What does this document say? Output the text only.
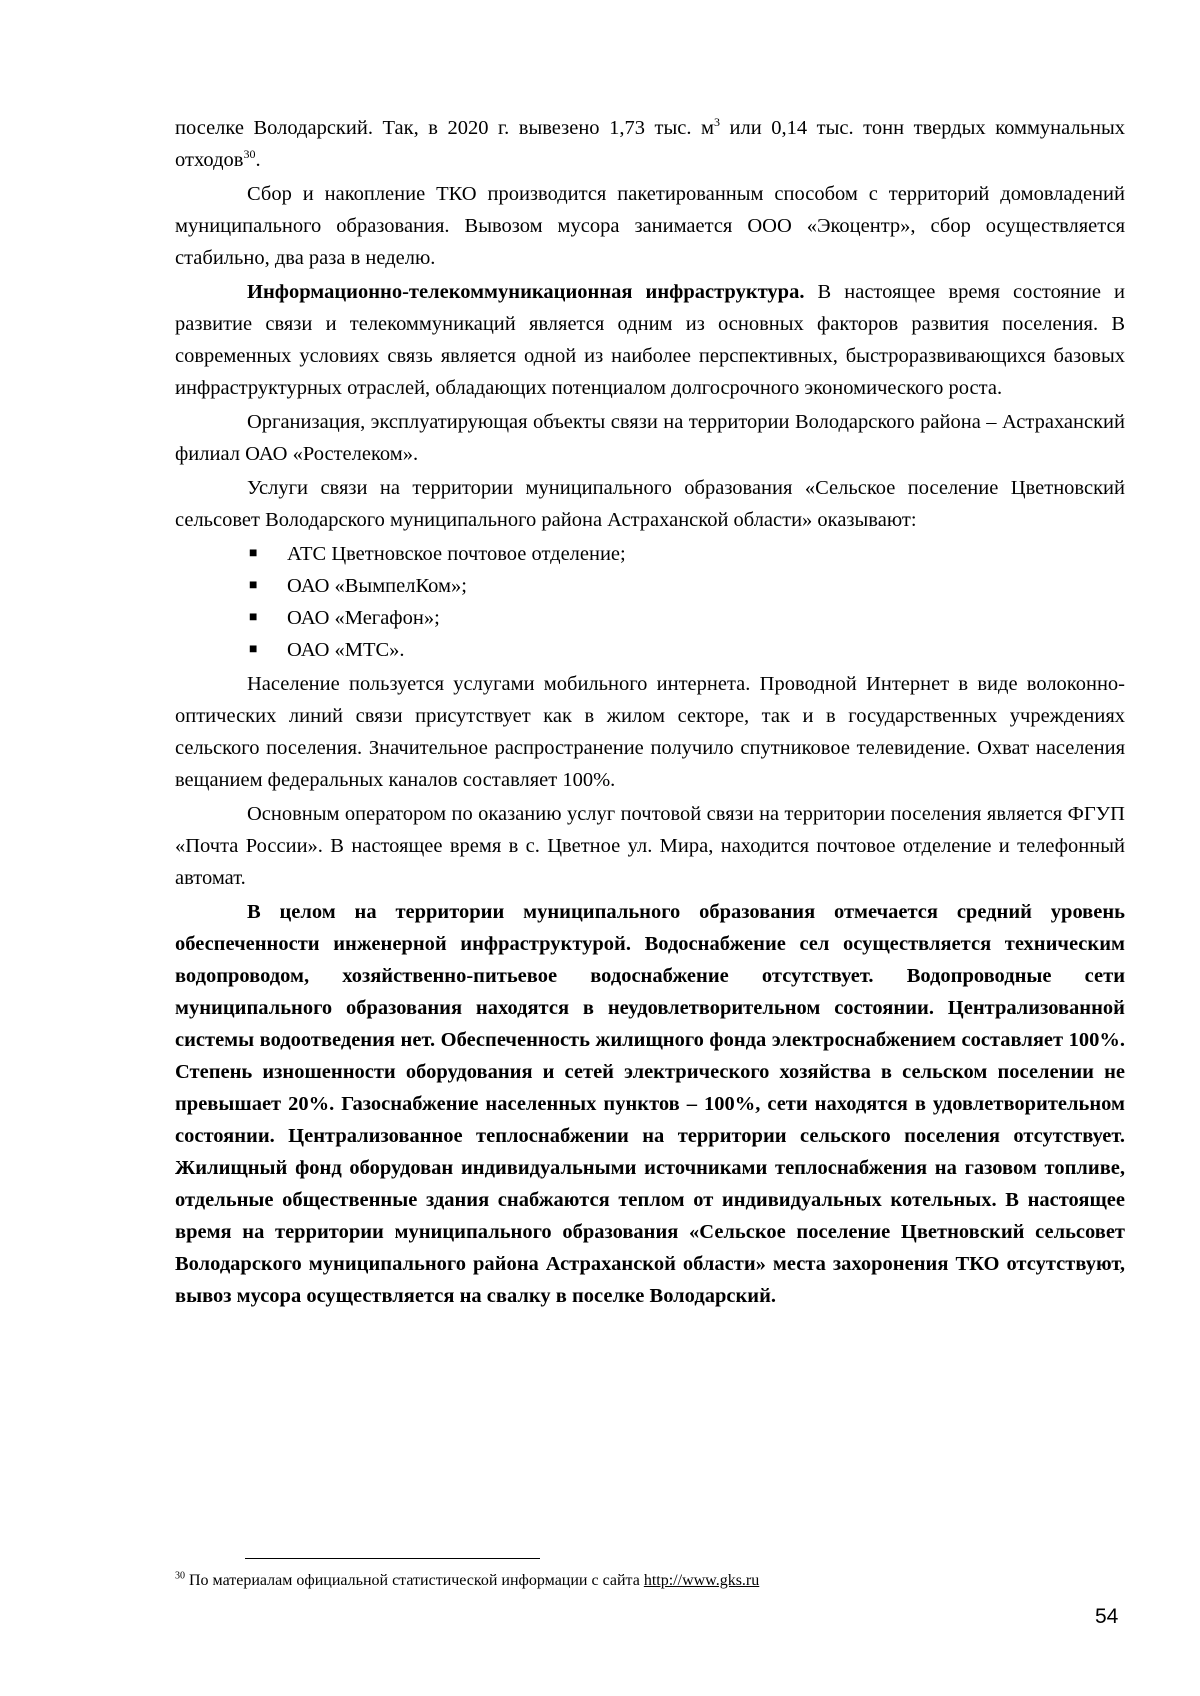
поселке Володарский. Так, в 2020 г. вывезено 1,73 тыс. $м^3$ или 0,14 тыс. тонн твердых коммунальных отходов$^{30}$.

Сбор и накопление ТКО производится пакетированным способом с территорий домовладений муниципального образования. Вывозом мусора занимается ООО «Экоцентр», сбор осуществляется стабильно, два раза в неделю.

Информационно-телекоммуникационная инфраструктура. В настоящее время состояние и развитие связи и телекоммуникаций является одним из основных факторов развития поселения. В современных условиях связь является одной из наиболее перспективных, быстроразвивающихся базовых инфраструктурных отраслей, обладающих потенциалом долгосрочного экономического роста.

Организация, эксплуатирующая объекты связи на территории Володарского района – Астраханский филиал ОАО «Ростелеком».

Услуги связи на территории муниципального образования «Сельское поселение Цветновский сельсовет Володарского муниципального района Астраханской области» оказывают:

■ АТС Цветновское почтовое отделение;
■ ОАО «ВымпелКом»;
■ ОАО «Мегафон»;
■ ОАО «МТС».

Население пользуется услугами мобильного интернета. Проводной Интернет в виде волоконно-оптических линий связи присутствует как в жилом секторе, так и в государственных учреждениях сельского поселения. Значительное распространение получило спутниковое телевидение. Охват населения вещанием федеральных каналов составляет 100%.

Основным оператором по оказанию услуг почтовой связи на территории поселения является ФГУП «Почта России». В настоящее время в с. Цветное ул. Мира, находится почтовое отделение и телефонный автомат.

В целом на территории муниципального образования отмечается средний уровень обеспеченности инженерной инфраструктурой. Водоснабжение сел осуществляется техническим водопроводом, хозяйственно-питьевое водоснабжение отсутствует. Водопроводные сети муниципального образования находятся в неудовлетворительном состоянии. Централизованной системы водоотведения нет. Обеспеченность жилищного фонда электроснабжением составляет 100%. Степень изношенности оборудования и сетей электрического хозяйства в сельском поселении не превышает 20%. Газоснабжение населенных пунктов – 100%, сети находятся в удовлетворительном состоянии. Централизованное теплоснабжении на территории сельского поселения отсутствует. Жилищный фонд оборудован индивидуальными источниками теплоснабжения на газовом топливе, отдельные общественные здания снабжаются теплом от индивидуальных котельных. В настоящее время на территории муниципального образования «Сельское поселение Цветновский сельсовет Володарского муниципального района Астраханской области» места захоронения ТКО отсутствуют, вывоз мусора осуществляется на свалку в поселке Володарский.

$^{30}$ По материалам официальной статистической информации с сайта http://www.gks.ru
54
